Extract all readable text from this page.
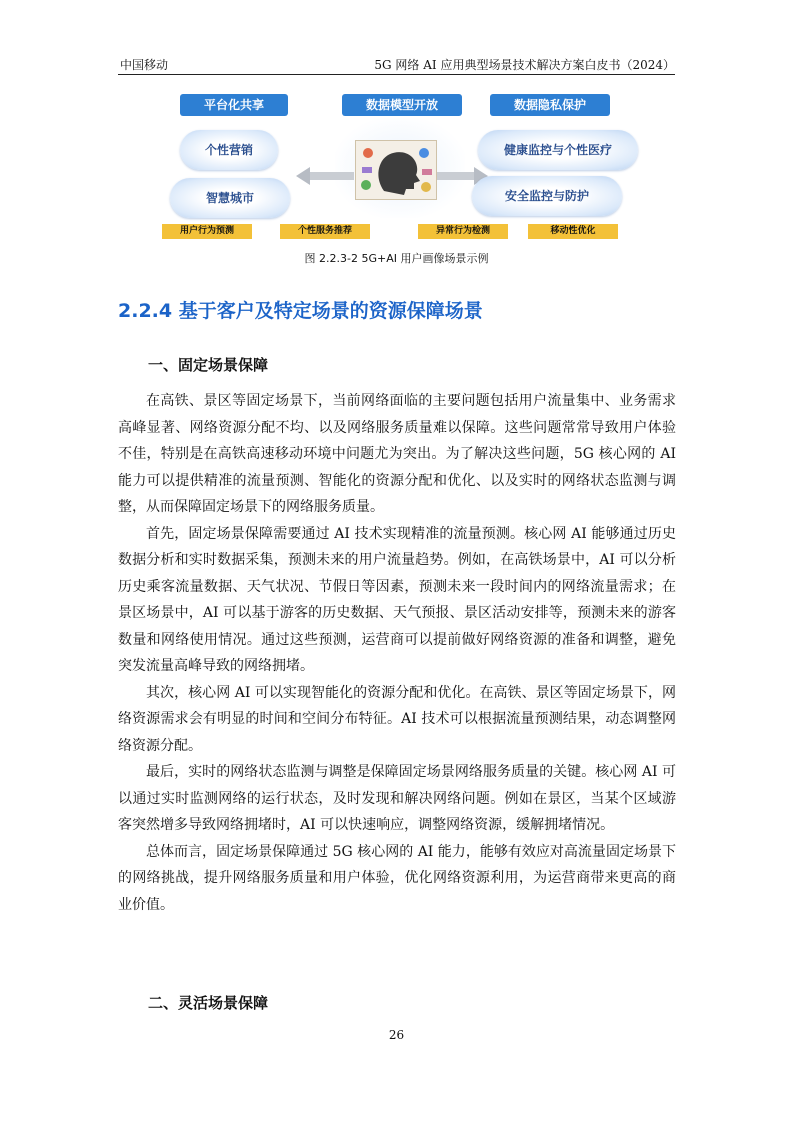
中国移动	5G 网络 AI 应用典型场景技术解决方案白皮书（2024）
平台化共享	数据模型开放	数据隐私保护
个性营销
智慧城市
健康监控与个性医疗
安全监控与防护
用户行为预测	个性服务推荐	异常行为检测	移动性优化
图 2.2.3-2 5G+AI 用户画像场景示例
2.2.4 基于客户及特定场景的资源保障场景
一、固定场景保障

在高铁、景区等固定场景下，当前网络面临的主要问题包括用户流量集中、业务需求高峰显著、网络资源分配不均、以及网络服务质量难以保障。这些问题常常导致用户体验不佳，特别是在高铁高速移动环境中问题尤为突出。为了解决这些问题，5G 核心网的 AI 能力可以提供精准的流量预测、智能化的资源分配和优化、以及实时的网络状态监测与调整，从而保障固定场景下的网络服务质量。

首先，固定场景保障需要通过 AI 技术实现精准的流量预测。核心网 AI 能够通过历史数据分析和实时数据采集，预测未来的用户流量趋势。例如，在高铁场景中，AI 可以分析历史乘客流量数据、天气状况、节假日等因素，预测未来一段时间内的网络流量需求；在景区场景中，AI 可以基于游客的历史数据、天气预报、景区活动安排等，预测未来的游客数量和网络使用情况。通过这些预测，运营商可以提前做好网络资源的准备和调整，避免突发流量高峰导致的网络拥堵。

其次，核心网 AI 可以实现智能化的资源分配和优化。在高铁、景区等固定场景下，网络资源需求会有明显的时间和空间分布特征。AI 技术可以根据流量预测结果，动态调整网络资源分配。

最后，实时的网络状态监测与调整是保障固定场景网络服务质量的关键。核心网 AI 可以通过实时监测网络的运行状态，及时发现和解决网络问题。例如在景区，当某个区域游客突然增多导致网络拥堵时，AI 可以快速响应，调整网络资源，缓解拥堵情况。

总体而言，固定场景保障通过 5G 核心网的 AI 能力，能够有效应对高流量固定场景下的网络挑战，提升网络服务质量和用户体验，优化网络资源利用，为运营商带来更高的商业价值。

二、灵活场景保障
26
